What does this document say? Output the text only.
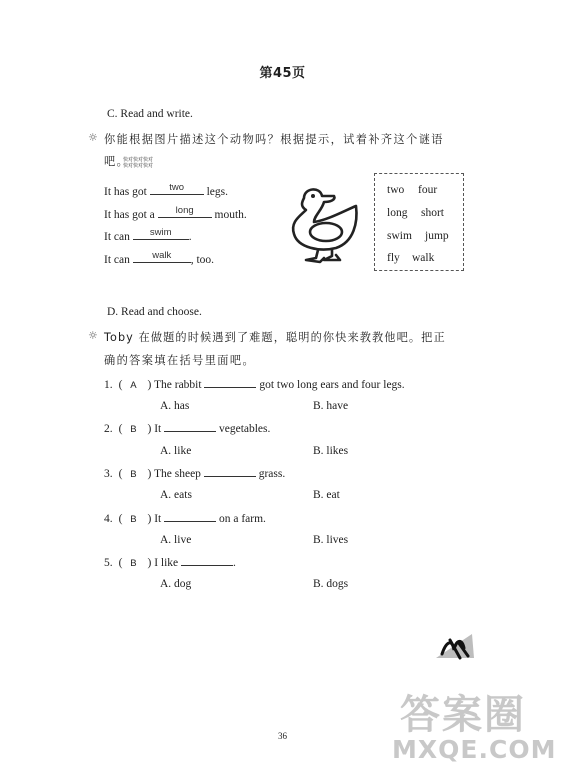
第45页
C. Read and write.
☼ 你能根据图片描述这个动物吗？根据提示，试着补齐这个谜语
吧。
快对快对快对
快对快对快对
It has got	two	legs.
It has got a	long	mouth.
It can	swim	.
It can	walk	, too.
two four
long short
swim jump
fly walk
D. Read and choose.
☼ Toby 在做题的时候遇到了难题，聪明的你快来教教他吧。把正
确的答案填在括号里面吧。
1. ( A ) The rabbit	got two long ears and four legs.
A. has	B. have
2. ( B ) It	vegetables.
A. like	B. likes
3. ( B ) The sheep	grass.
A. eats	B. eat
4. ( B ) It	on a farm.
A. live	B. lives
5. ( B ) I like	.
A. dog	B. dogs
答案圈
MXQE.COM
36
